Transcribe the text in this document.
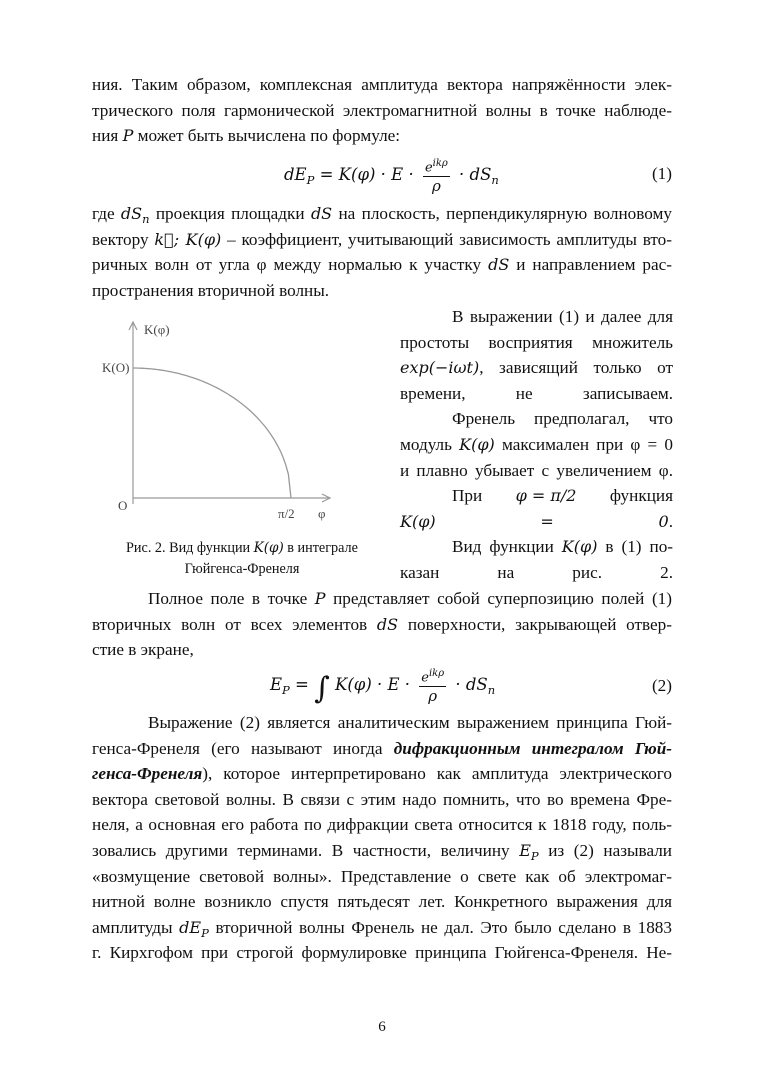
ния. Таким образом, комплексная амплитуда вектора напряжённости элек-
трического поля гармонической электромагнитной волны в точке наблюде-
ния P может быть вычислена по формуле:
$dE_P = K(\varphi) \cdot E \cdot \frac{e^{ik\rho}}{\rho} \cdot dS_n$	(1)
где $dS_n$ проекция площадки dS на плоскость, перпендикулярную волновому
вектору k⃗; K(φ) – коэффициент, учитывающий зависимость амплитуды вто-
ричных волн от угла φ между нормалью к участку dS и направлением рас-
пространения вторичной волны.
K(φ)
K(O)
O
π/2 φ
Рис. 2. Вид функции K(φ) в интеграле
Гюйгенса-Френеля
В выражении (1) и далее для
простоты восприятия множитель
exp(−iωt), зависящий только от
времени, не записываем.
Френель предполагал, что
модуль K(φ) максимален при φ = 0
и плавно убывает с увеличением φ.
При φ = π/2 функция
K(φ) = 0.
Вид функции K(φ) в (1) по-
казан на рис. 2.
Полное поле в точке P представляет собой суперпозицию полей (1)
вторичных волн от всех элементов dS поверхности, закрывающей отвер-
стие в экране,
$E_P$ = ∫ $K(\varphi) \cdot E \cdot \frac{e^{ik\rho}}{\rho} \cdot dS_n$	(2)
Выражение (2) является аналитическим выражением принципа Гюй-
генса-Френеля (его называют иногда дифракционным интегралом Гюй-
генса-Френеля), которое интерпретировано как амплитуда электрического
вектора световой волны. В связи с этим надо помнить, что во времена Фре-
неля, а основная его работа по дифракции света относится к 1818 году, поль-
зовались другими терминами. В частности, величину $E_P$ из (2) называли
«возмущение световой волны». Представление о свете как об электромаг-
нитной волне возникло спустя пятьдесят лет. Конкретного выражения для
амплитуды $dE_P$ вторичной волны Френель не дал. Это было сделано в 1883
г. Кирхгофом при строгой формулировке принципа Гюйгенса-Френеля. Не-
6
